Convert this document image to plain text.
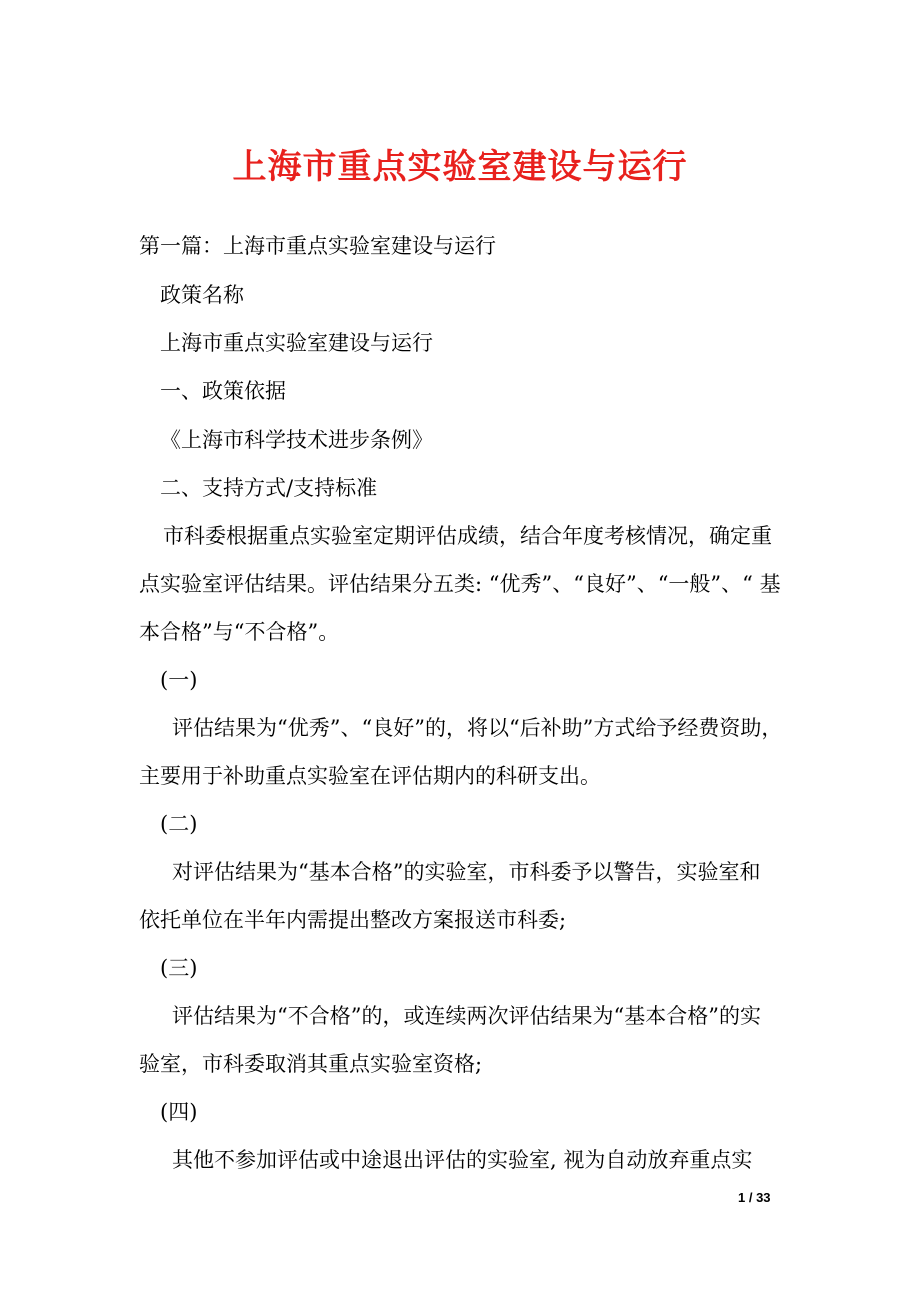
上海市重点实验室建设与运行
第一篇：上海市重点实验室建设与运行
政策名称
上海市重点实验室建设与运行
一、政策依据
《上海市科学技术进步条例》
二、支持方式/支持标准
市科委根据重点实验室定期评估成绩，结合年度考核情况，确定重
点实验室评估结果。评估结果分五类: “优秀”、“良好”、“一般”、“ 基
本合格”与“不合格”。
(一)
评估结果为“优秀”、“良好”的，将以“后补助”方式给予经费资助，
主要用于补助重点实验室在评估期内的科研支出。
(二)
对评估结果为“基本合格”的实验室，市科委予以警告，实验室和
依托单位在半年内需提出整改方案报送市科委;
(三)
评估结果为“不合格”的，或连续两次评估结果为“基本合格”的实
验室，市科委取消其重点实验室资格;
(四)
其他不参加评估或中途退出评估的实验室, 视为自动放弃重点实
1 / 33
